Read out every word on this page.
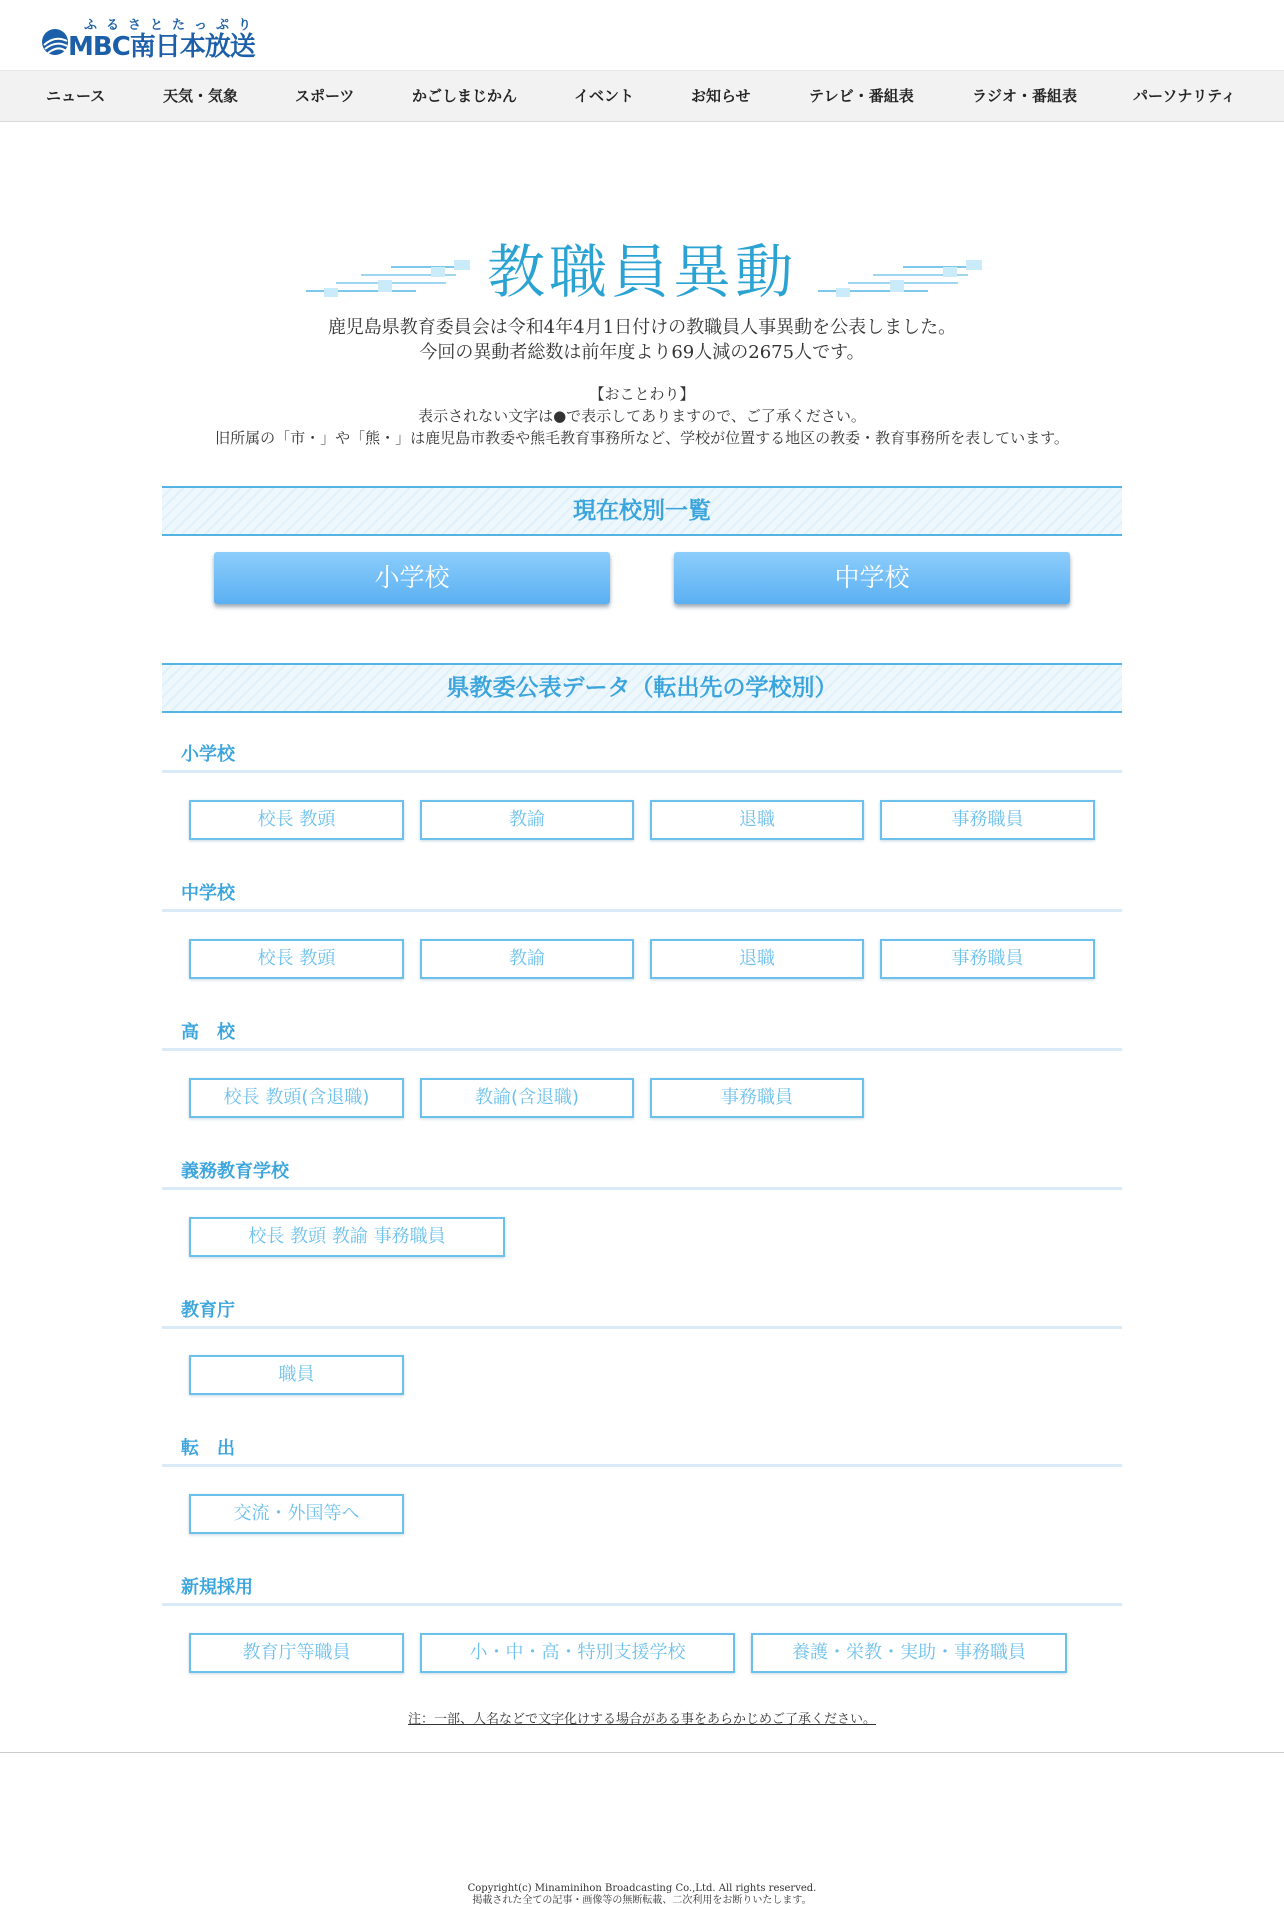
ふるさとたっぷり
MBC南日本放送
ニュース	天気・気象	スポーツ	かごしまじかん	イベント	お知らせ	テレビ・番組表	ラジオ・番組表	パーソナリティ
教職員異動
鹿児島県教育委員会は令和4年4月1日付けの教職員人事異動を公表しました。
今回の異動者総数は前年度より69人減の2675人です。
【おことわり】
表示されない文字は●で表示してありますので、ご了承ください。
旧所属の「市・」や「熊・」は鹿児島市教委や熊毛教育事務所など、学校が位置する地区の教委・教育事務所を表しています。
現在校別一覧
小学校	中学校
県教委公表データ（転出先の学校別）
小学校
校長 教頭	教諭	退職	事務職員
中学校
校長 教頭	教諭	退職	事務職員
高　校
校長 教頭(含退職)	教諭(含退職)	事務職員
義務教育学校
校長 教頭 教諭 事務職員
教育庁
職員
転　出
交流・外国等へ
新規採用
教育庁等職員	小・中・高・特別支援学校	養護・栄教・実助・事務職員
注：一部、人名などで文字化けする場合がある事をあらかじめご了承ください。
Copyright(c) Minaminihon Broadcasting Co.,Ltd. All rights reserved.
掲載された全ての記事・画像等の無断転載、二次利用をお断りいたします。
